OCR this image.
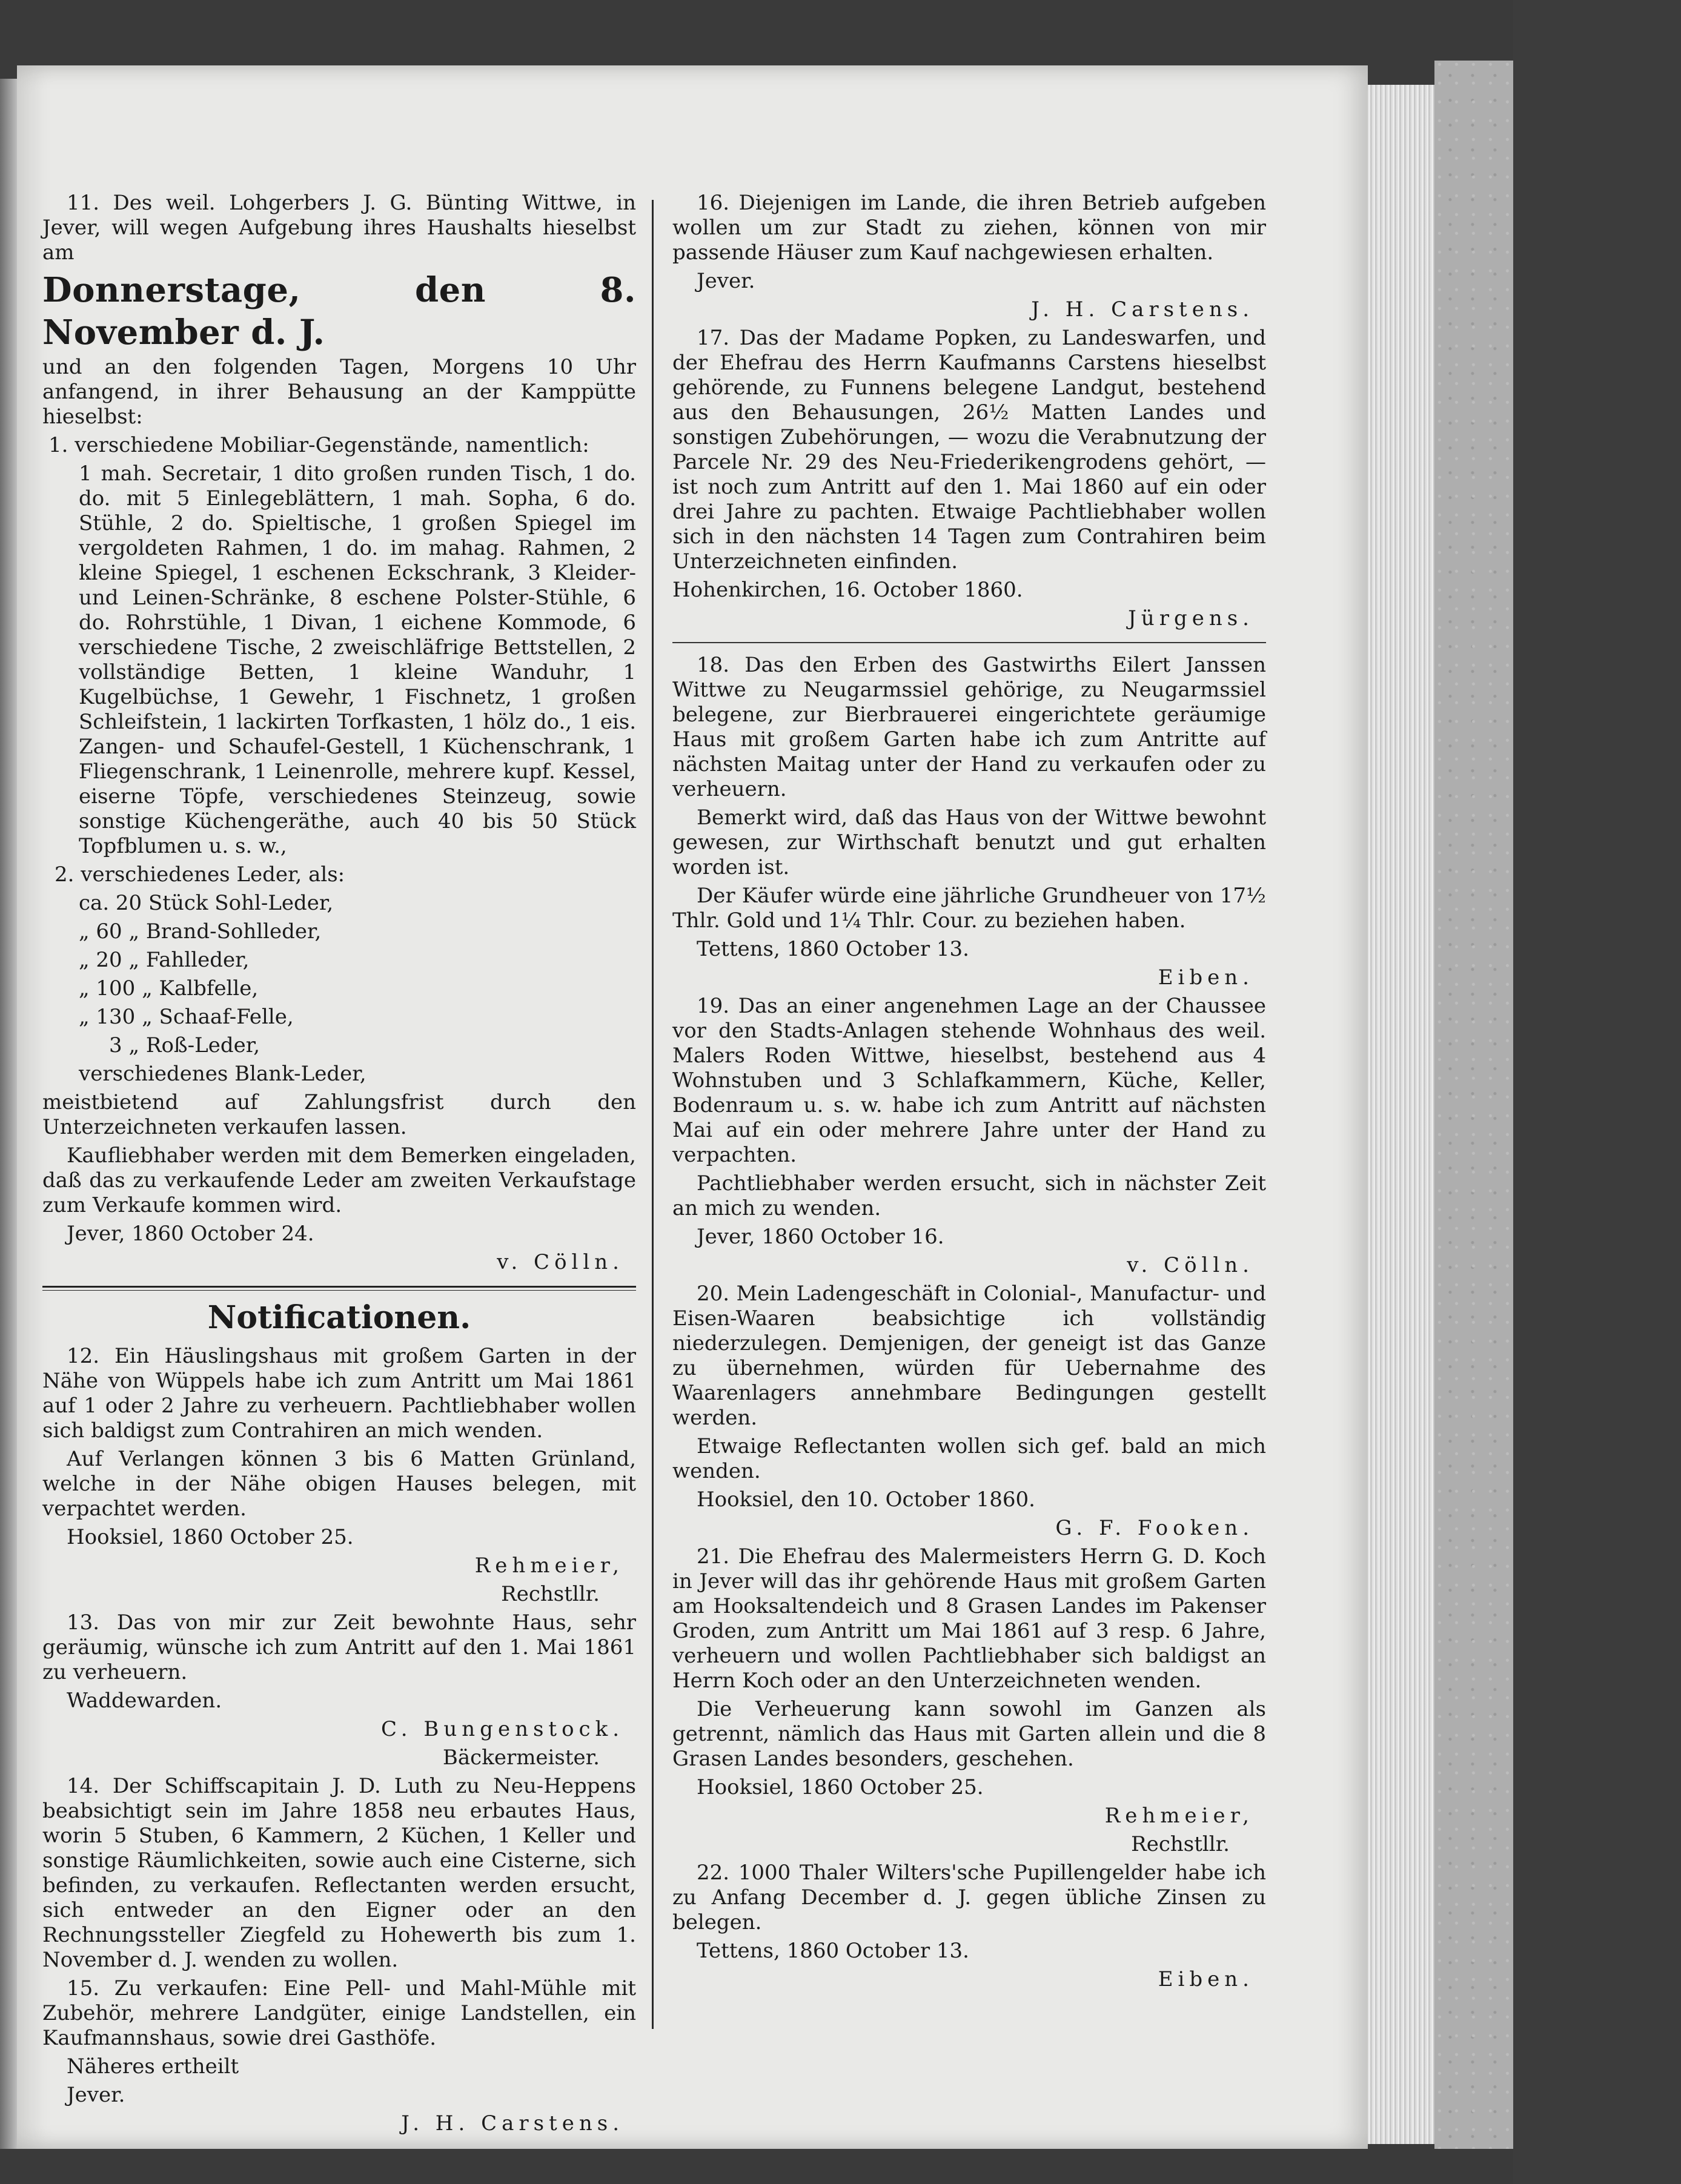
11. Des weil. Lohgerbers J. G. Bünting Wittwe, in Jever, will wegen Aufgebung ihres Haushalts hieselbst am

Donnerstage, den 8. November d. J.

und an den folgenden Tagen, Morgens 10 Uhr anfangend, in ihrer Behausung an der Kamppütte hieselbst:

1. verschiedene Mobiliar-Gegenstände, namentlich:

1 mah. Secretair, 1 dito großen runden Tisch, 1 do. do. mit 5 Einlegeblättern, 1 mah. Sopha, 6 do. Stühle, 2 do. Spieltische, 1 großen Spiegel im vergoldeten Rahmen, 1 do. im mahag. Rahmen, 2 kleine Spiegel, 1 eschenen Eckschrank, 3 Kleider- und Leinen-Schränke, 8 eschene Polster-Stühle, 6 do. Rohrstühle, 1 Divan, 1 eichene Kommode, 6 verschiedene Tische, 2 zweischläfrige Bettstellen, 2 vollständige Betten, 1 kleine Wanduhr, 1 Kugelbüchse, 1 Gewehr, 1 Fischnetz, 1 großen Schleifstein, 1 lackirten Torfkasten, 1 hölz do., 1 eis. Zangen- und Schaufel-Gestell, 1 Küchenschrank, 1 Fliegenschrank, 1 Leinenrolle, mehrere kupf. Kessel, eiserne Töpfe, verschiedenes Steinzeug, sowie sonstige Küchengeräthe, auch 40 bis 50 Stück Topfblumen u. s. w.,

2. verschiedenes Leder, als:

ca. 20 Stück Sohl-Leder,

„ 60 „ Brand-Sohlleder,

„ 20 „ Fahlleder,

„ 100 „ Kalbfelle,

„ 130 „ Schaaf-Felle,

3 „ Roß-Leder,

verschiedenes Blank-Leder,

meistbietend auf Zahlungsfrist durch den Unterzeichneten verkaufen lassen.

Kaufliebhaber werden mit dem Bemerken eingeladen, daß das zu verkaufende Leder am zweiten Verkaufstage zum Verkaufe kommen wird.

Jever, 1860 October 24.

v. Cölln.

Notificationen.

12. Ein Häuslingshaus mit großem Garten in der Nähe von Wüppels habe ich zum Antritt um Mai 1861 auf 1 oder 2 Jahre zu verheuern. Pachtliebhaber wollen sich baldigst zum Contrahiren an mich wenden.

Auf Verlangen können 3 bis 6 Matten Grünland, welche in der Nähe obigen Hauses belegen, mit verpachtet werden.

Hooksiel, 1860 October 25.

Rehmeier,

Rechstllr.

13. Das von mir zur Zeit bewohnte Haus, sehr geräumig, wünsche ich zum Antritt auf den 1. Mai 1861 zu verheuern.

Waddewarden.

C. Bungenstock.

Bäckermeister.

14. Der Schiffscapitain J. D. Luth zu Neu-Heppens beabsichtigt sein im Jahre 1858 neu erbautes Haus, worin 5 Stuben, 6 Kammern, 2 Küchen, 1 Keller und sonstige Räumlichkeiten, sowie auch eine Cisterne, sich befinden, zu verkaufen. Reflectanten werden ersucht, sich entweder an den Eigner oder an den Rechnungssteller Ziegfeld zu Hohewerth bis zum 1. November d. J. wenden zu wollen.

15. Zu verkaufen: Eine Pell- und Mahl-Mühle mit Zubehör, mehrere Landgüter, einige Landstellen, ein Kaufmannshaus, sowie drei Gasthöfe.

Näheres ertheilt

Jever.

J. H. Carstens.

16. Diejenigen im Lande, die ihren Betrieb aufgeben wollen um zur Stadt zu ziehen, können von mir passende Häuser zum Kauf nachgewiesen erhalten.

Jever.

J. H. Carstens.

17. Das der Madame Popken, zu Landeswarfen, und der Ehefrau des Herrn Kaufmanns Carstens hieselbst gehörende, zu Funnens belegene Landgut, bestehend aus den Behausungen, 26½ Matten Landes und sonstigen Zubehörungen, — wozu die Verabnutzung der Parcele Nr. 29 des Neu-Friederikengrodens gehört, — ist noch zum Antritt auf den 1. Mai 1860 auf ein oder drei Jahre zu pachten. Etwaige Pachtliebhaber wollen sich in den nächsten 14 Tagen zum Contrahiren beim Unterzeichneten einfinden.

Hohenkirchen, 16. October 1860.

Jürgens.

18. Das den Erben des Gastwirths Eilert Janssen Wittwe zu Neugarmssiel gehörige, zu Neugarmssiel belegene, zur Bierbrauerei eingerichtete geräumige Haus mit großem Garten habe ich zum Antritte auf nächsten Maitag unter der Hand zu verkaufen oder zu verheuern.

Bemerkt wird, daß das Haus von der Wittwe bewohnt gewesen, zur Wirthschaft benutzt und gut erhalten worden ist.

Der Käufer würde eine jährliche Grundheuer von 17½ Thlr. Gold und 1¼ Thlr. Cour. zu beziehen haben.

Tettens, 1860 October 13.

Eiben.

19. Das an einer angenehmen Lage an der Chaussee vor den Stadts-Anlagen stehende Wohnhaus des weil. Malers Roden Wittwe, hieselbst, bestehend aus 4 Wohnstuben und 3 Schlafkammern, Küche, Keller, Bodenraum u. s. w. habe ich zum Antritt auf nächsten Mai auf ein oder mehrere Jahre unter der Hand zu verpachten.

Pachtliebhaber werden ersucht, sich in nächster Zeit an mich zu wenden.

Jever, 1860 October 16.

v. Cölln.

20. Mein Ladengeschäft in Colonial-, Manufactur- und Eisen-Waaren beabsichtige ich vollständig niederzulegen. Demjenigen, der geneigt ist das Ganze zu übernehmen, würden für Uebernahme des Waarenlagers annehmbare Bedingungen gestellt werden.

Etwaige Reflectanten wollen sich gef. bald an mich wenden.

Hooksiel, den 10. October 1860.

G. F. Fooken.

21. Die Ehefrau des Malermeisters Herrn G. D. Koch in Jever will das ihr gehörende Haus mit großem Garten am Hooksaltendeich und 8 Grasen Landes im Pakenser Groden, zum Antritt um Mai 1861 auf 3 resp. 6 Jahre, verheuern und wollen Pachtliebhaber sich baldigst an Herrn Koch oder an den Unterzeichneten wenden.

Die Verheuerung kann sowohl im Ganzen als getrennt, nämlich das Haus mit Garten allein und die 8 Grasen Landes besonders, geschehen.

Hooksiel, 1860 October 25.

Rehmeier,

Rechstllr.

22. 1000 Thaler Wilters'sche Pupillengelder habe ich zu Anfang December d. J. gegen übliche Zinsen zu belegen.

Tettens, 1860 October 13.

Eiben.
